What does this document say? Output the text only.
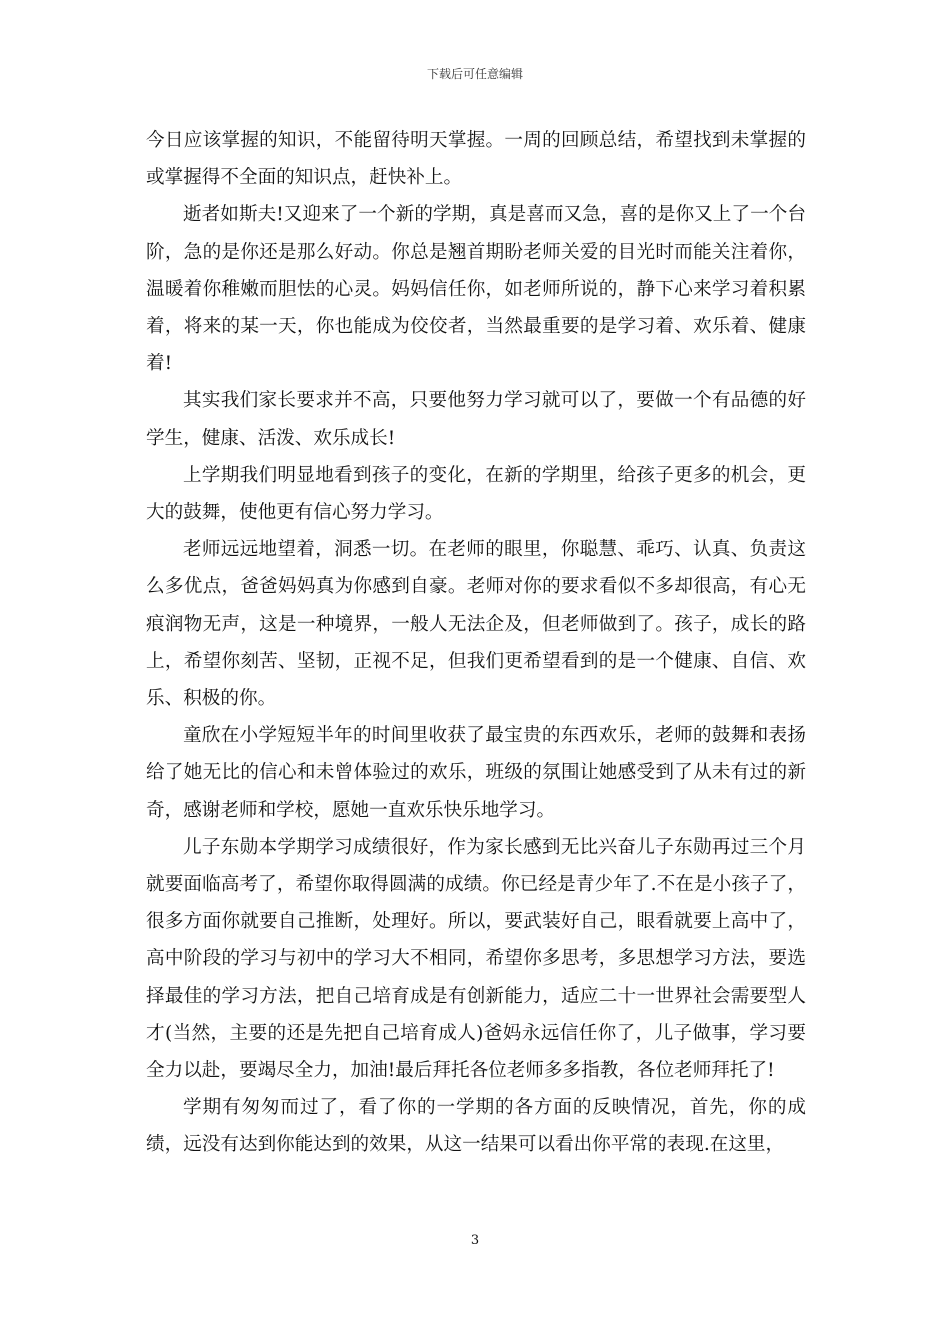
下载后可任意编辑

今日应该掌握的知识，不能留待明天掌握。一周的回顾总结，希望找到未掌握的或掌握得不全面的知识点，赶快补上。

逝者如斯夫!又迎来了一个新的学期，真是喜而又急，喜的是你又上了一个台阶，急的是你还是那么好动。你总是翘首期盼老师关爱的目光时而能关注着你，温暖着你稚嫩而胆怯的心灵。妈妈信任你，如老师所说的，静下心来学习着积累着，将来的某一天，你也能成为佼佼者，当然最重要的是学习着、欢乐着、健康着!

其实我们家长要求并不高，只要他努力学习就可以了，要做一个有品德的好学生，健康、活泼、欢乐成长!

上学期我们明显地看到孩子的变化，在新的学期里，给孩子更多的机会，更大的鼓舞，使他更有信心努力学习。

老师远远地望着，洞悉一切。在老师的眼里，你聪慧、乖巧、认真、负责这么多优点，爸爸妈妈真为你感到自豪。老师对你的要求看似不多却很高，有心无痕润物无声，这是一种境界，一般人无法企及，但老师做到了。孩子，成长的路上，希望你刻苦、坚韧，正视不足，但我们更希望看到的是一个健康、自信、欢乐、积极的你。

童欣在小学短短半年的时间里收获了最宝贵的东西欢乐，老师的鼓舞和表扬给了她无比的信心和未曾体验过的欢乐，班级的氛围让她感受到了从未有过的新奇，感谢老师和学校，愿她一直欢乐快乐地学习。

儿子东勋本学期学习成绩很好，作为家长感到无比兴奋儿子东勋再过三个月就要面临高考了，希望你取得圆满的成绩。你已经是青少年了.不在是小孩子了，很多方面你就要自己推断，处理好。所以，要武装好自己，眼看就要上高中了，高中阶段的学习与初中的学习大不相同，希望你多思考，多思想学习方法，要选择最佳的学习方法，把自己培育成是有创新能力，适应二十一世界社会需要型人才(当然，主要的还是先把自己培育成人)爸妈永远信任你了，儿子做事，学习要全力以赴，要竭尽全力，加油!最后拜托各位老师多多指教，各位老师拜托了!

学期有匆匆而过了，看了你的一学期的各方面的反映情况，首先，你的成绩，远没有达到你能达到的效果，从这一结果可以看出你平常的表现.在这里，

3
